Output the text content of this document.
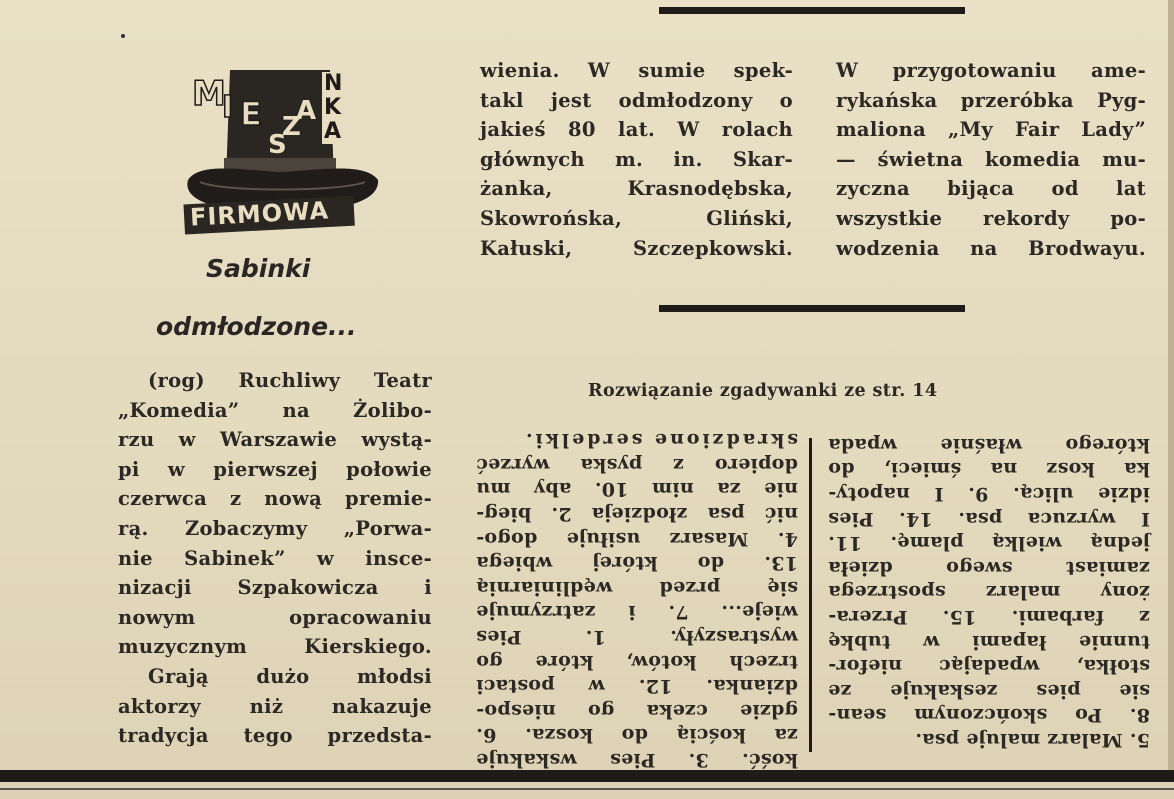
M
I E
S
Z
A
N
K
A
FIRMOWA
Sabinki
odmłodzone...

(rog) Ruchliwy Teatr

„Komedia” na Żolibo-

rzu w Warszawie wystą-

pi w pierwszej połowie

czerwca z nową premie-

rą. Zobaczymy „Porwa-

nie Sabinek” w insce-

nizacji Szpakowicza i

nowym opracowaniu

muzycznym Kierskiego.

Grają dużo młodsi

aktorzy niż nakazuje

tradycja tego przedsta-

wienia. W sumie spek-

takl jest odmłodzony o

jakieś 80 lat. W rolach

głównych m. in. Skar-

żanka, Krasnodębska,

Skowrońska, Gliński,

Kałuski, Szczepkowski.

W przygotowaniu ame-

rykańska przeróbka Pyg-

maliona „My Fair Lady”

— świetna komedia mu-

zyczna bijąca od lat

wszystkie rekordy po-

wodzenia na Brodwayu.

Rozwiązanie zgadywanki ze str. 14

5. Malarz maluje psa.

8. Po skończonym sean-

sie pies zeskakuje ze

stołka, wpadając niefor-

tunnie łapami w tubkę

z farbami. 15. Przera-

żony malarz spostrzega

zamiast swego dzieła

jedną wielką plamę. 11.

I wyrzuca psa. 14. Pies

idzie ulicą. 9. I napoty-

ka kosz na śmieci, do

którego właśnie wpada

kość. 3. Pies wskakuje

za kością do kosza. 6.

gdzie czeka go niespo-

dzianka. 12. w postaci

trzech kotów, które go

wystraszyły. 1. Pies

wieje... 7. i zatrzymuje

się przed wędliniarnią

13. do której wbiega

4. Masarz usiłuje dogo-

nić psa złodzieja 2. bieg-

nie za nim 10. aby mu

dopiero z pyska wyrzeć

skradzione serdelki.
